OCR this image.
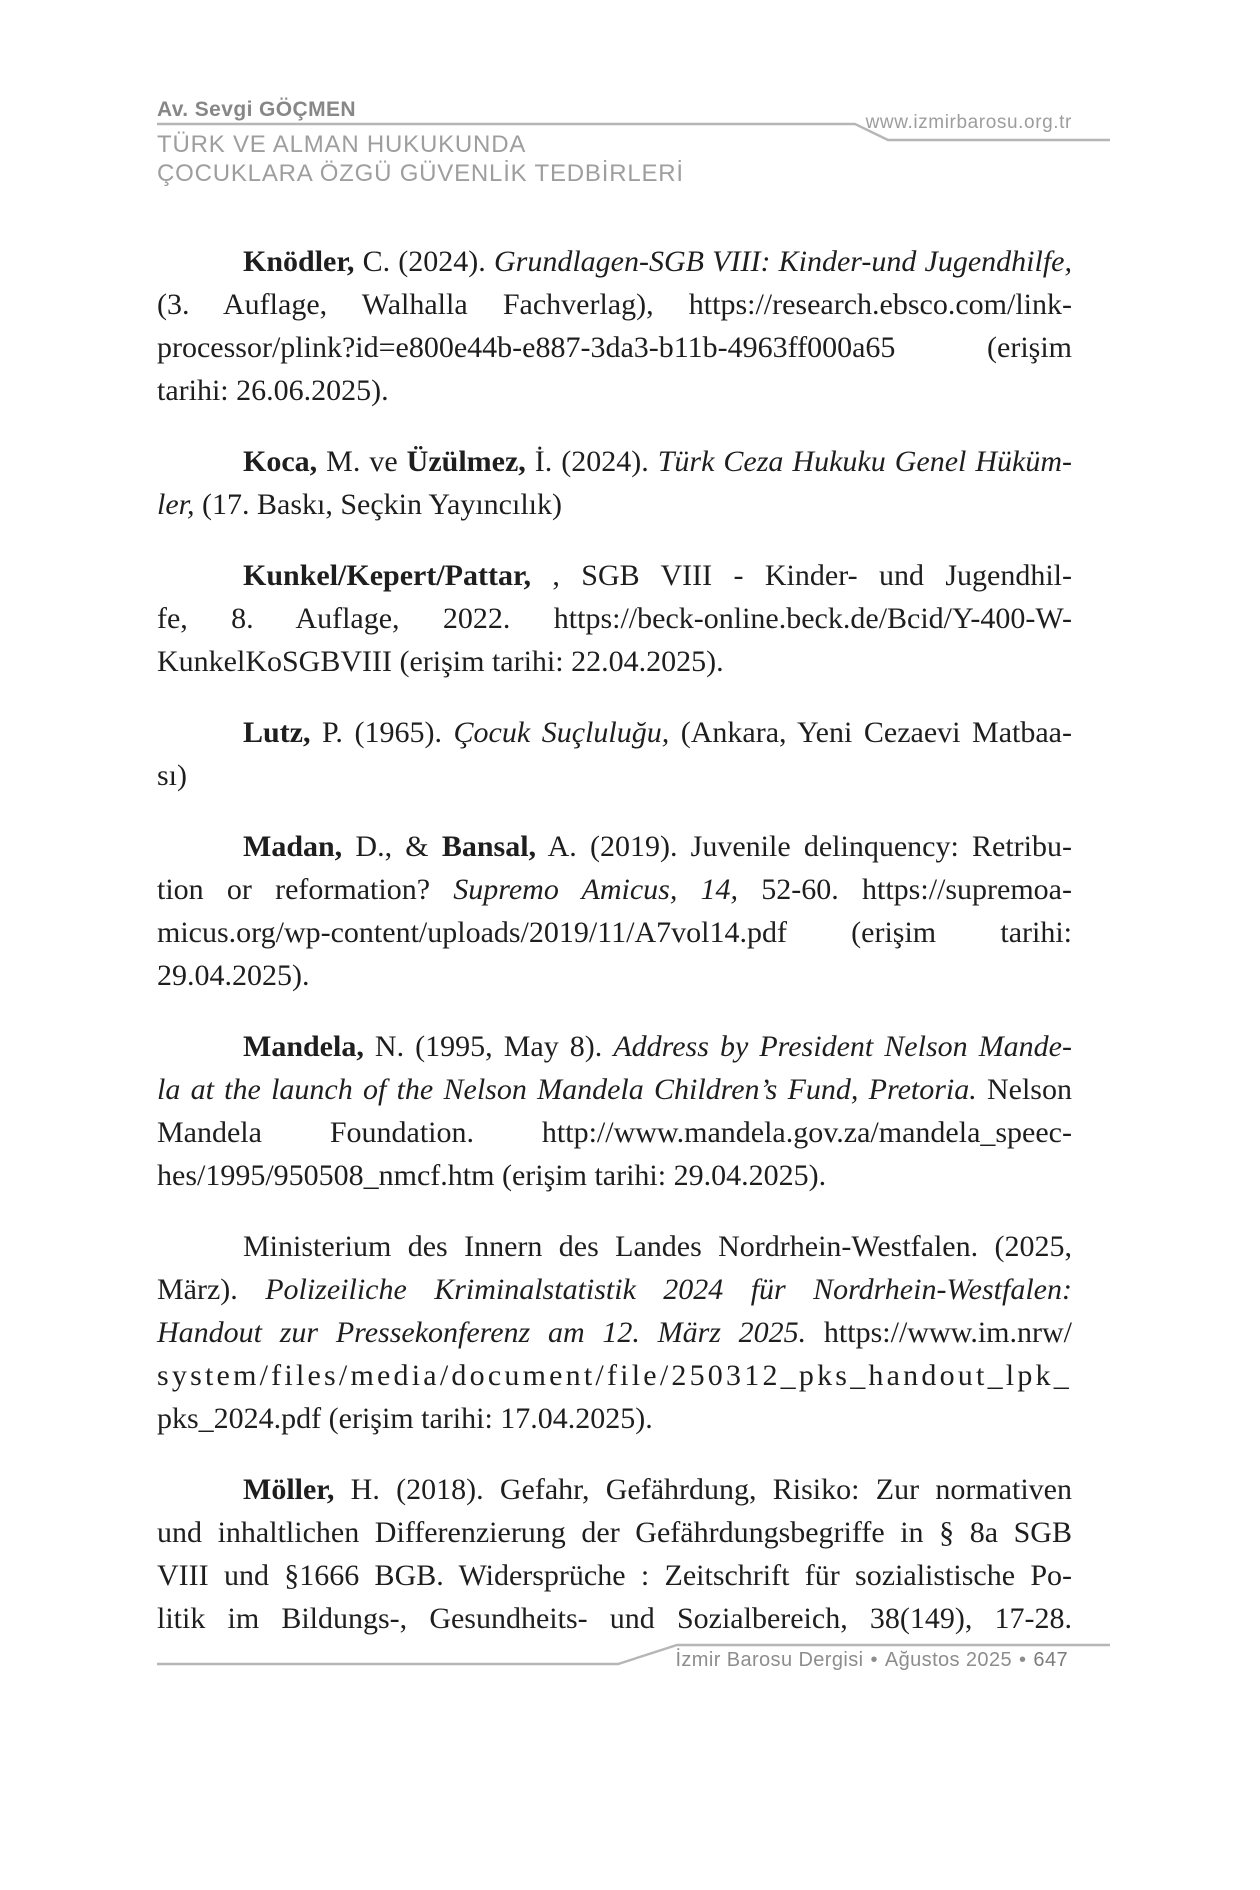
Av. Sevgi GÖÇMEN
www.izmirbarosu.org.tr
TÜRK VE ALMAN HUKUKUNDA
ÇOCUKLARA ÖZGÜ GÜVENLİK TEDBİRLERİ

Knödler, C. (2024). Grundlagen-SGB VIII: Kinder-und Jugendhilfe,
(3. Auflage, Walhalla Fachverlag), https://research.ebsco.com/link-
processor/plink?id=e800e44b-e887-3da3-b11b-4963ff000a65 (erişim
tarihi: 26.06.2025).

Koca, M. ve Üzülmez, İ. (2024). Türk Ceza Hukuku Genel Hüküm-
ler, (17. Baskı, Seçkin Yayıncılık)

Kunkel/Kepert/Pattar, , SGB VIII - Kinder- und Jugendhil-
fe, 8. Auflage, 2022. https://beck-online.beck.de/Bcid/Y-400-W-
KunkelKoSGBVIII (erişim tarihi: 22.04.2025).

Lutz, P. (1965). Çocuk Suçluluğu, (Ankara, Yeni Cezaevi Matbaa-
sı)

Madan, D., & Bansal, A. (2019). Juvenile delinquency: Retribu-
tion or reformation? Supremo Amicus, 14, 52-60. https://supremoa-
micus.org/wp-content/uploads/2019/11/A7vol14.pdf (erişim tarihi:
29.04.2025).

Mandela, N. (1995, May 8). Address by President Nelson Mande-
la at the launch of the Nelson Mandela Children’s Fund, Pretoria. Nelson
Mandela Foundation. http://www.mandela.gov.za/mandela_speec-
hes/1995/950508_nmcf.htm (erişim tarihi: 29.04.2025).

Ministerium des Innern des Landes Nordrhein-Westfalen. (2025,
März). Polizeiliche Kriminalstatistik 2024 für Nordrhein-Westfalen:
Handout zur Pressekonferenz am 12. März 2025. https://www.im.nrw/
system/files/media/document/file/250312_pks_handout_lpk_
pks_2024.pdf (erişim tarihi: 17.04.2025).

Möller, H. (2018). Gefahr, Gefährdung, Risiko: Zur normativen
und inhaltlichen Differenzierung der Gefährdungsbegriffe in § 8a SGB
VIII und §1666 BGB. Widersprüche : Zeitschrift für sozialistische Po-
litik im Bildungs-, Gesundheits- und Sozialbereich, 38(149), 17-28.

İzmir Barosu Dergisi • Ağustos 2025 • 647
